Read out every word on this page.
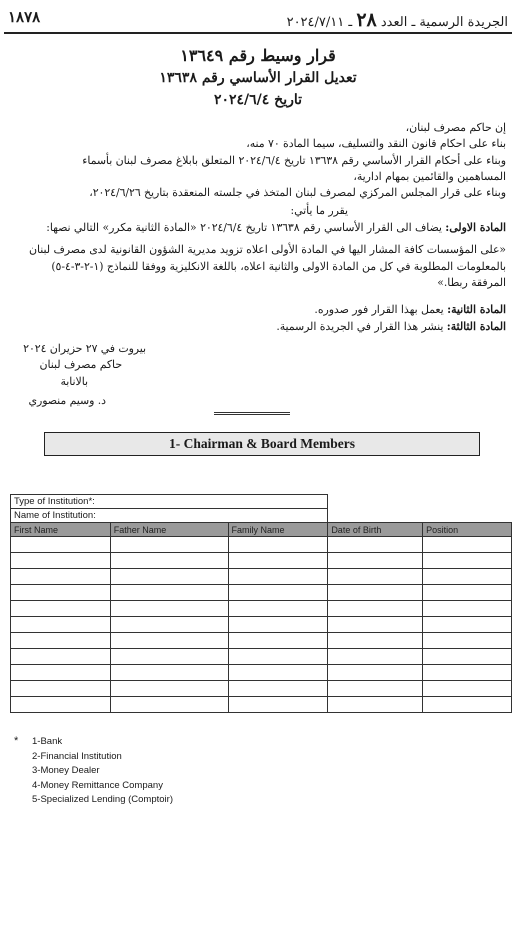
١٨٧٨	الجريدة الرسمية ـ العدد ٢٨ ـ ٢٠٢٤/٧/١١
قرار وسيط رقم ١٣٦٤٩
تعديل القرار الأساسي رقم ١٣٦٣٨
تاريخ ٢٠٢٤/٦/٤
إن حاكم مصرف لبنان،
بناء على احكام قانون النقد والتسليف، سيما المادة ٧٠ منه،
وبناء على أحكام القرار الأساسي رقم ١٣٦٣٨ تاريخ ٢٠٢٤/٦/٤ المتعلق بابلاغ مصرف لبنان بأسماء
المساهمين والقائمين بمهام ادارية،
وبناء على قرار المجلس المركزي لمصرف لبنان المتخذ في جلسته المنعقدة بتاريخ ٢٠٢٤/٦/٢٦،
يقرر ما يأتي:
المادة الاولى: يضاف الى القرار الأساسي رقم ١٣٦٣٨ تاريخ ٢٠٢٤/٦/٤ «المادة الثانية مكرر» التالي نصها:
«على المؤسسات كافة المشار اليها في المادة الأولى اعلاه تزويد مديرية الشؤون القانونية لدى مصرف لبنان
بالمعلومات المطلوبة في كل من المادة الاولى والثانية اعلاه، باللغة الانكليزية ووفقا للنماذج (١-٢-٣-٤-٥)
المرفقة ربطا.»
المادة الثانية: يعمل بهذا القرار فور صدوره.
المادة الثالثة: ينشر هذا القرار في الجريدة الرسمية.
بيروت في ٢٧ حزيران ٢٠٢٤
حاكم مصرف لبنان
بالانابة
د. وسيم منصوري
1- Chairman & Board Members
Type of Institution*:				
Name of Institution:				
First Name	Father Name	Family Name	Date of Birth	Position

* 1-Bank
2-Financial Institution
3-Money Dealer
4-Money Remittance Company
5-Specialized Lending (Comptoir)
